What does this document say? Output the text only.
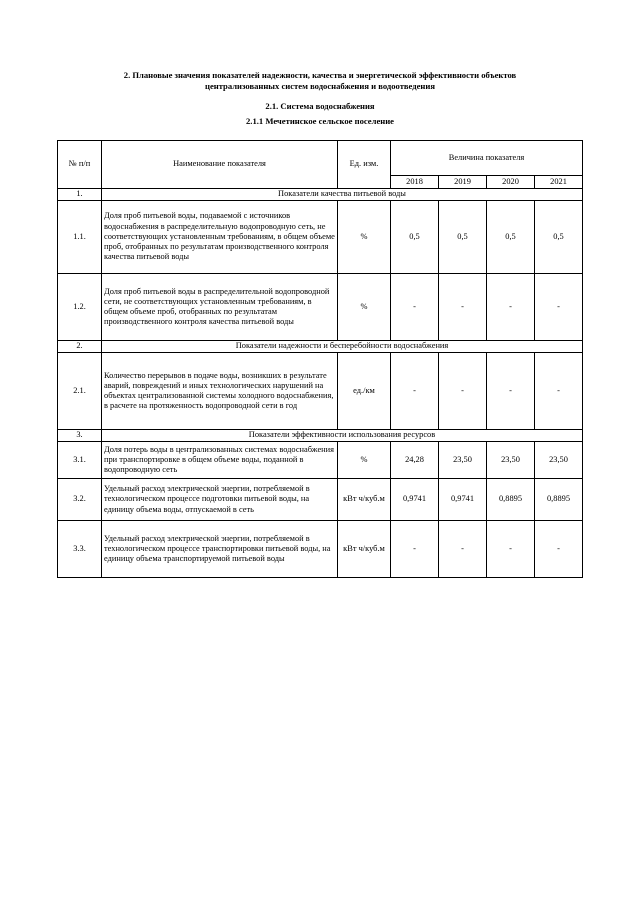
2. Плановые значения показателей надежности, качества и энергетической эффективности объектов
централизованных систем водоснабжения и водоотведения
2.1. Система водоснабжения
2.1.1 Мечетинское сельское поселение
№ п/п	Наименование показателя	Ед. изм.	Величина показателя			
			2018	2019	2020	2021
1.	Показатели качества питьевой воды					
1.1.	Доля проб питьевой воды, подаваемой с источников водоснабжения в распределительную водопроводную сеть, не соответствующих установленным требованиям, в общем объеме проб, отобранных по результатам производственного контроля качества питьевой воды	%	0,5	0,5	0,5	0,5
1.2.	Доля проб питьевой воды в распределительной водопроводной сети, не соответствующих установленным требованиям, в общем объеме проб, отобранных по результатам производственного контроля качества питьевой воды	%	-	-	-	-
2.	Показатели надежности и бесперебойности водоснабжения					
2.1.	Количество перерывов в подаче воды, возникших в результате аварий, повреждений и иных технологических нарушений на объектах централизованной системы холодного водоснабжения, в расчете на протяженность водопроводной сети в год	ед./км	-	-	-	-
3.	Показатели эффективности использования ресурсов					
3.1.	Доля потерь воды в централизованных системах водоснабжения при транспортировке в общем объеме воды, поданной в водопроводную сеть	%	24,28	23,50	23,50	23,50
3.2.	Удельный расход электрической энергии, потребляемой в технологическом процессе подготовки питьевой воды, на единицу объема воды, отпускаемой в сеть	кВт ч/куб.м	0,9741	0,9741	0,8895	0,8895
3.3.	Удельный расход электрической энергии, потребляемой в технологическом процессе транспортировки питьевой воды, на единицу объема транспортируемой питьевой воды	кВт ч/куб.м	-	-	-	-
